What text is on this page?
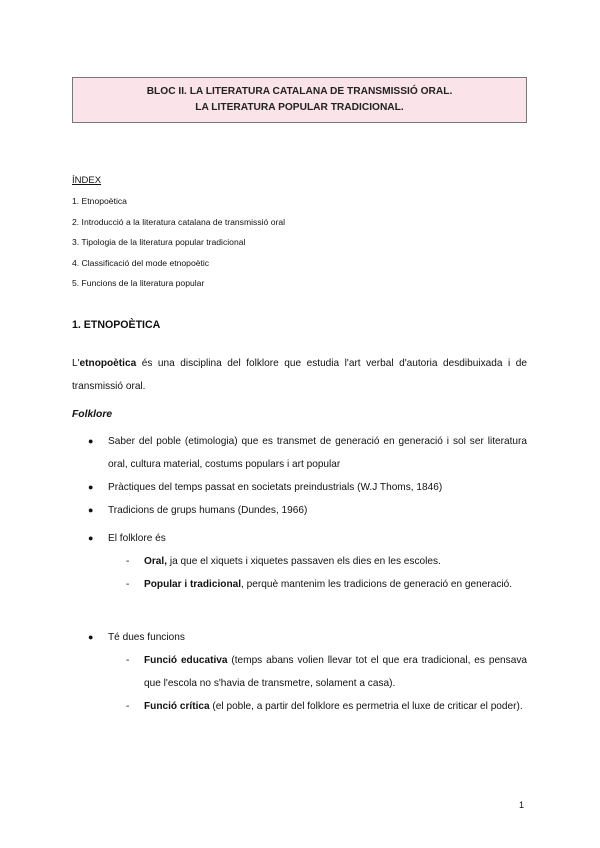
BLOC II. LA LITERATURA CATALANA DE TRANSMISSIÓ ORAL.
LA LITERATURA POPULAR TRADICIONAL.
ÍNDEX
1. Etnopoètica
2. Introducció a la literatura catalana de transmissió oral
3. Tipologia de la literatura popular tradicional
4. Classificació del mode etnopoètic
5. Funcions de la literatura popular
1. ETNOPOÈTICA
L'etnopoètica és una disciplina del folklore que estudia l'art verbal d'autoria desdibuixada i de transmissió oral.
Folklore
● Saber del poble (etimologia) que es transmet de generació en generació i sol ser literatura oral, cultura material, costums populars i art popular
● Pràctiques del temps passat en societats preindustrials (W.J Thoms, 1846)
● Tradicions de grups humans (Dundes, 1966)
● El folklore és
- Oral, ja que el xiquets i xiquetes passaven els dies en les escoles.
- Popular i tradicional, perquè mantenim les tradicions de generació en generació.
● Té dues funcions
- Funció educativa (temps abans volien llevar tot el que era tradicional, es pensava que l'escola no s'havia de transmetre, solament a casa).
- Funció crítica (el poble, a partir del folklore es permetria el luxe de criticar el poder).
1
